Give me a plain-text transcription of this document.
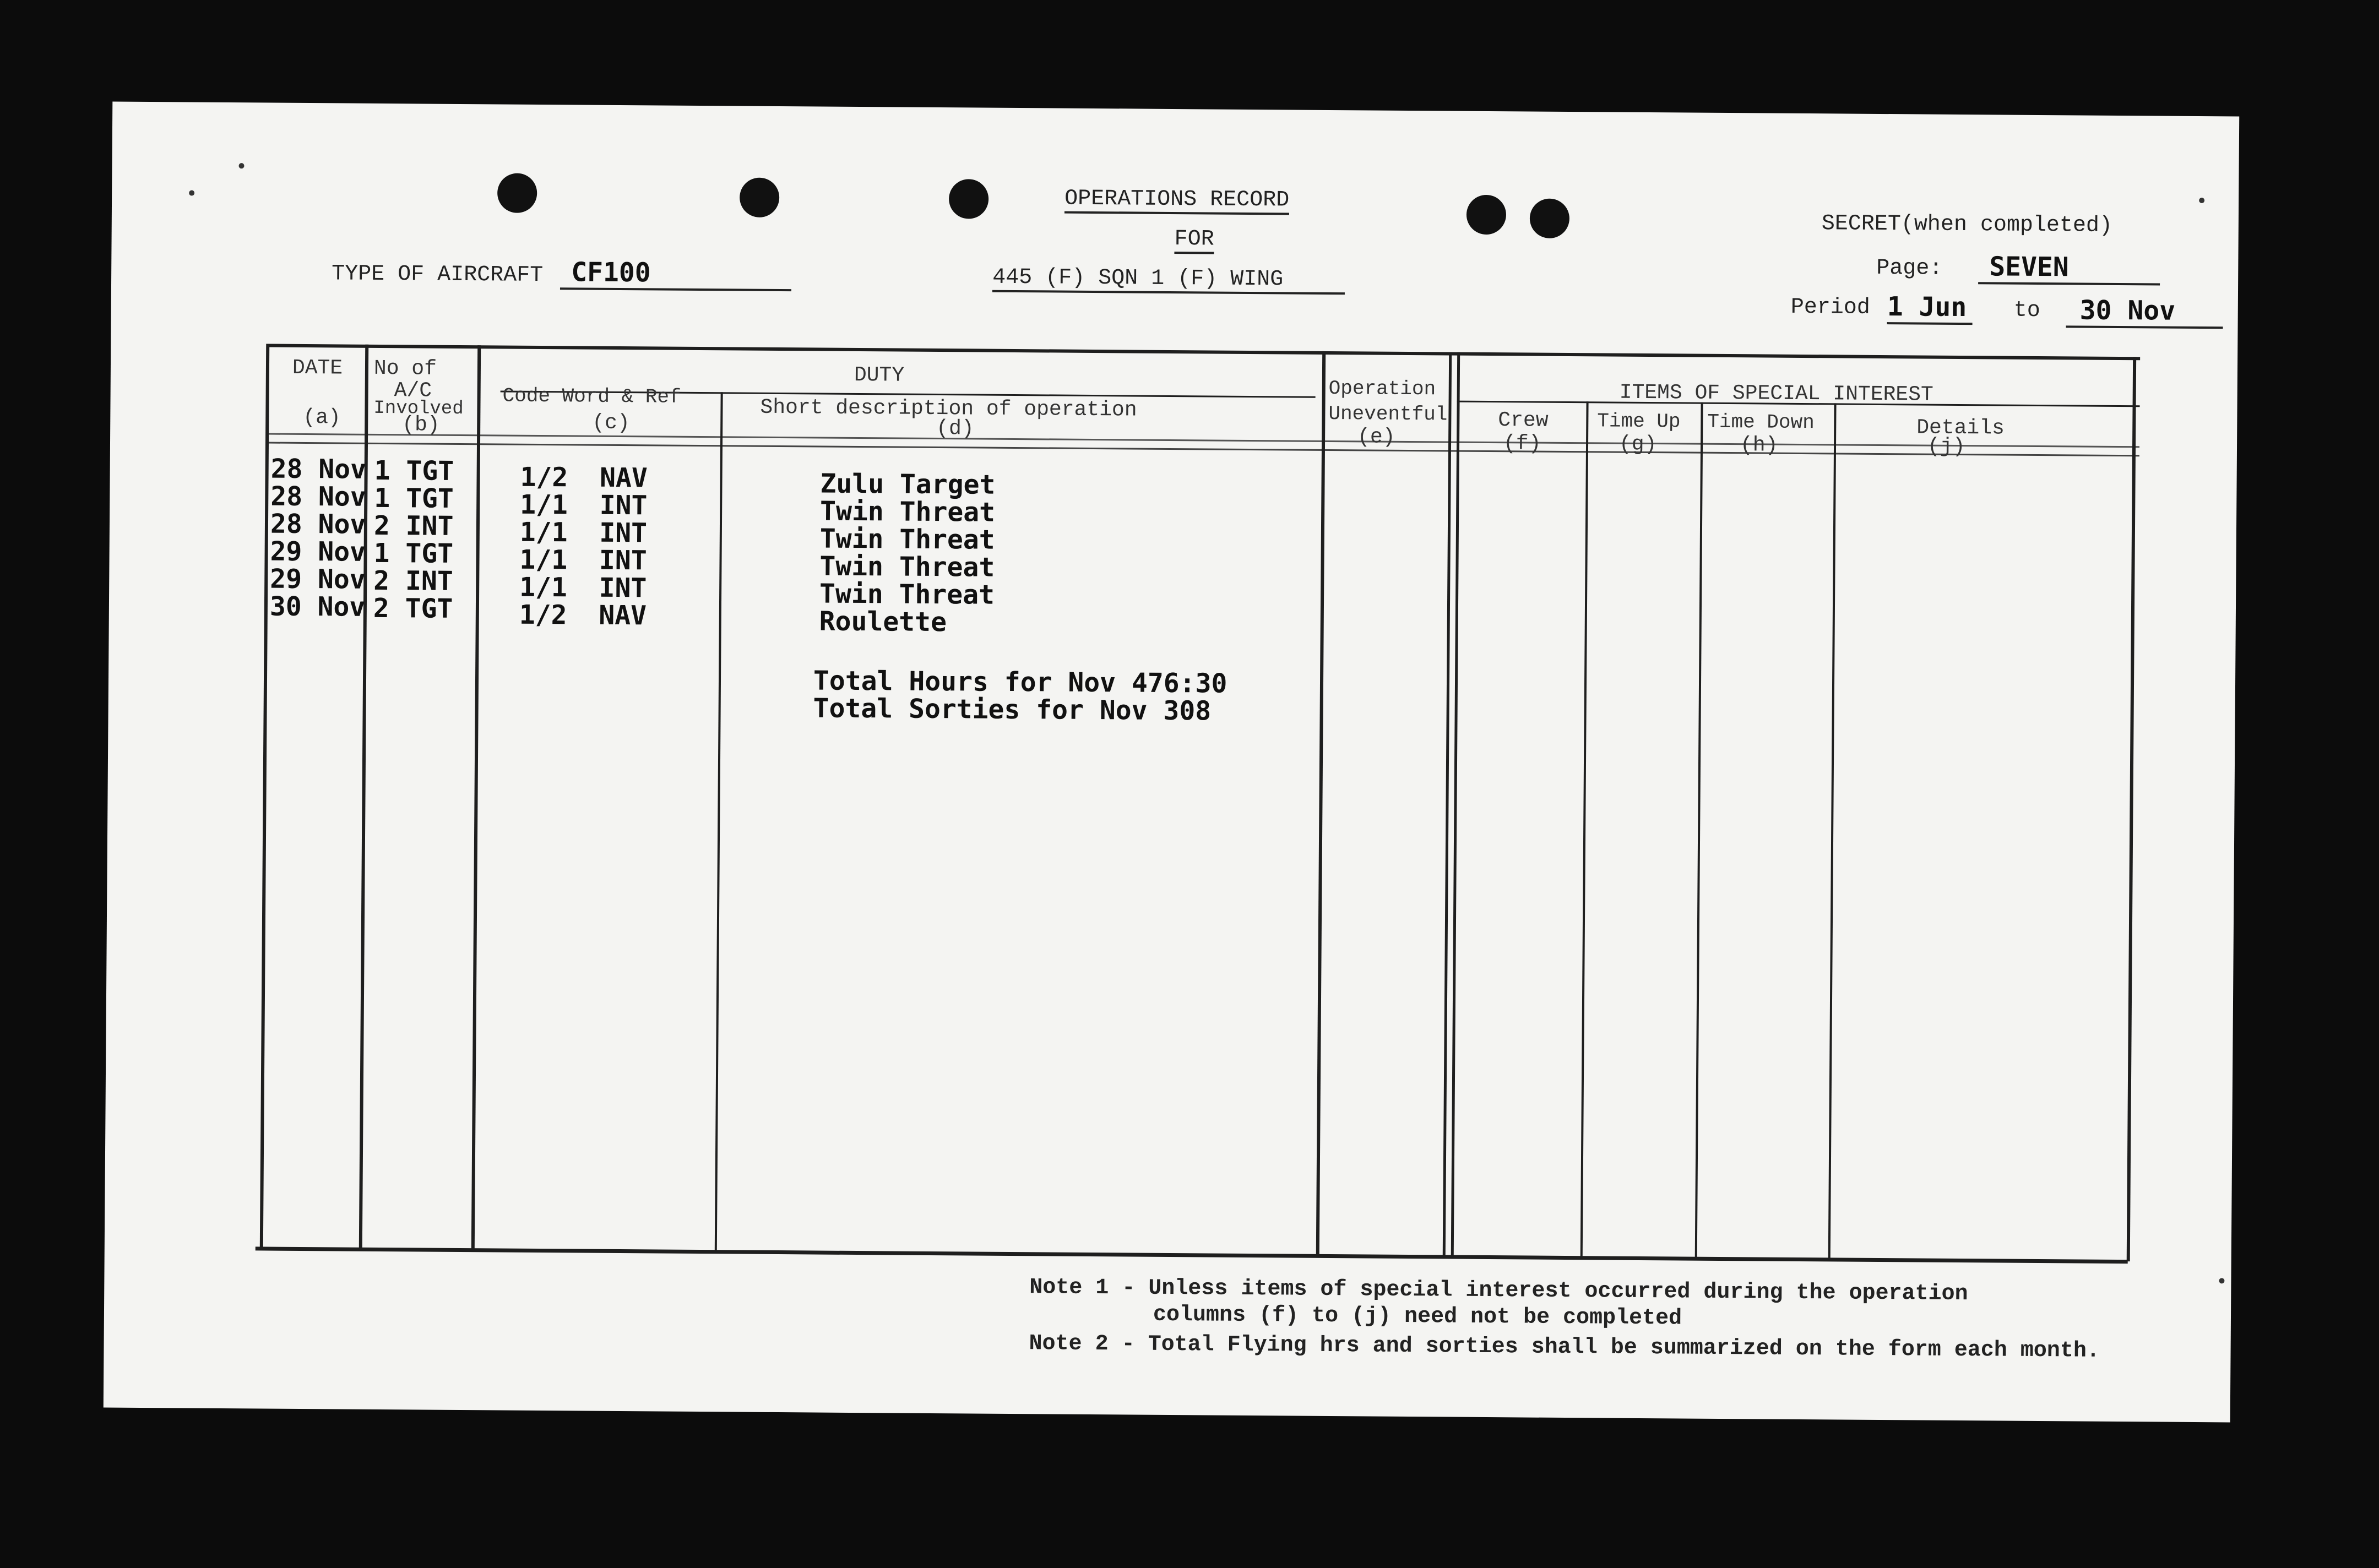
OPERATIONS RECORD
FOR
445 (F) SQN 1 (F) WING
TYPE OF AIRCRAFT	CF100
SECRET(when completed)
Page:	SEVEN
Period 1 Jun to	30 Nov
DATE
(a)
No of
A/C
Involved
(b)
DUTY
Code Word & Ref
(c)
Short description of operation
(d)
Operation
Uneventful
(e)
ITEMS OF SPECIAL INTEREST
Crew
(f)
Time Up
(g)
Time Down
(h)
Details
(j)
28 Nov 1 TGT	1/2  NAV	Zulu Target
28 Nov 1 TGT	1/1  INT	Twin Threat
28 Nov 2 INT	1/1  INT	Twin Threat
29 Nov 1 TGT	1/1  INT	Twin Threat
29 Nov 2 INT	1/1  INT	Twin Threat
30 Nov 2 TGT	1/2  NAV	Roulette
Total Hours for Nov 476:30
Total Sorties for Nov 308
Note 1 - Unless items of special interest occurred during the operation
columns (f) to (j) need not be completed
Note 2 - Total Flying hrs and sorties shall be summarized on the form each month.
